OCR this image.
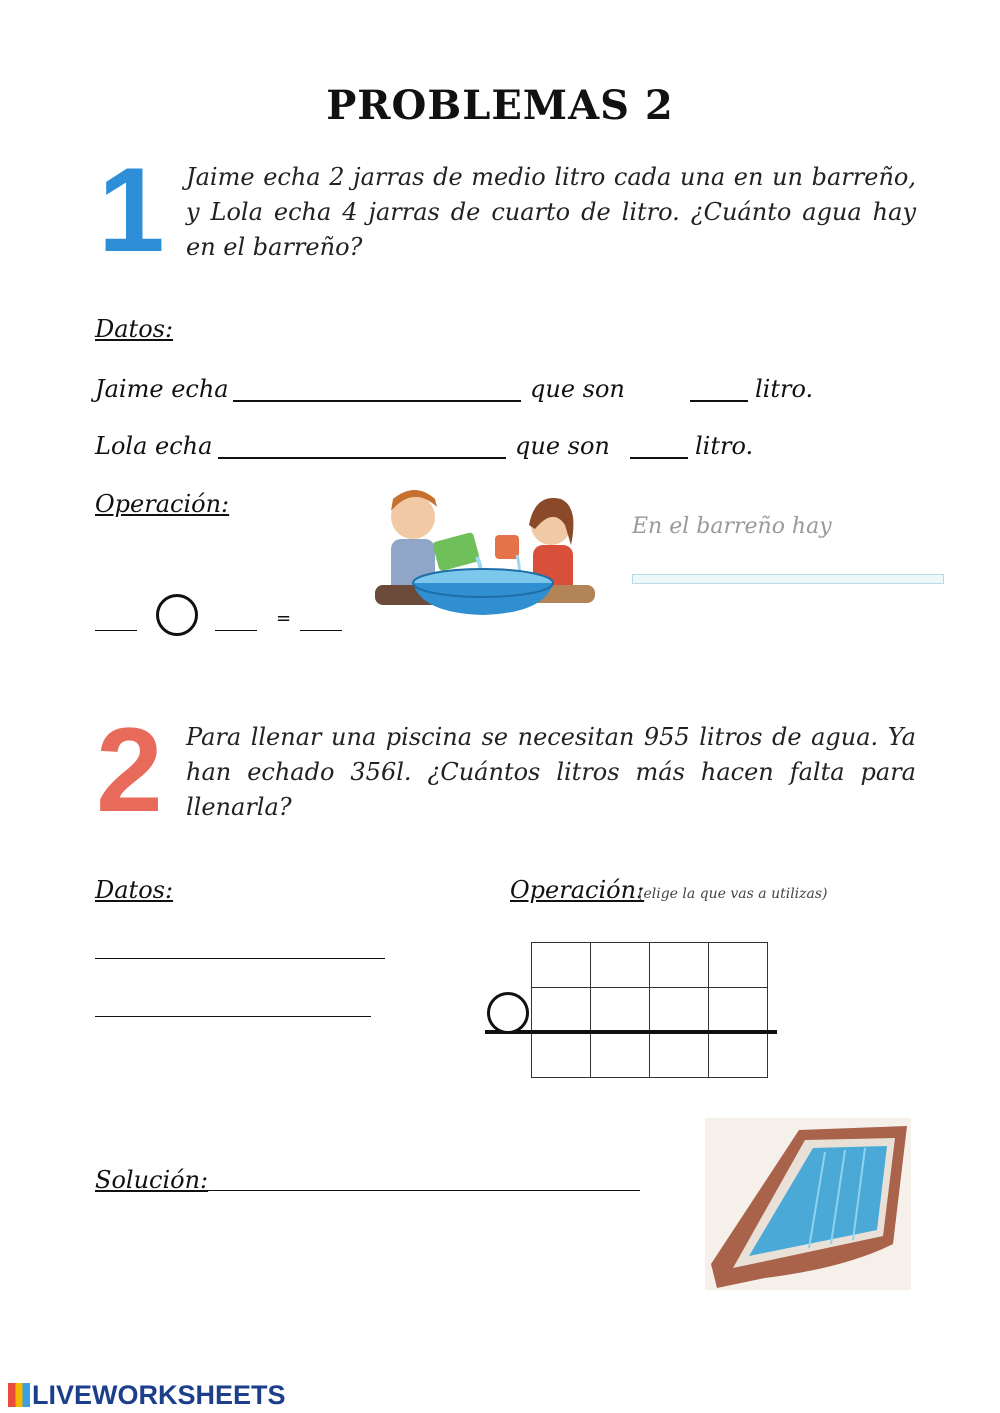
PROBLEMAS 2
1 Jaime echa 2 jarras de medio litro cada una en un barreño, y Lola echa 4 jarras de cuarto de litro. ¿Cuánto agua hay en el barreño?
Datos:
Jaime echa	que son	litro.
Lola echa	que son	litro.
Operación:
=
En el barreño hay
2 Para llenar una piscina se necesitan 955 litros de agua. Ya han echado 356l. ¿Cuántos litros más hacen falta para llenarla?
Datos:	Operación:
(elige la que vas a utilizas)
Solución:
LIVEWORKSHEETS
